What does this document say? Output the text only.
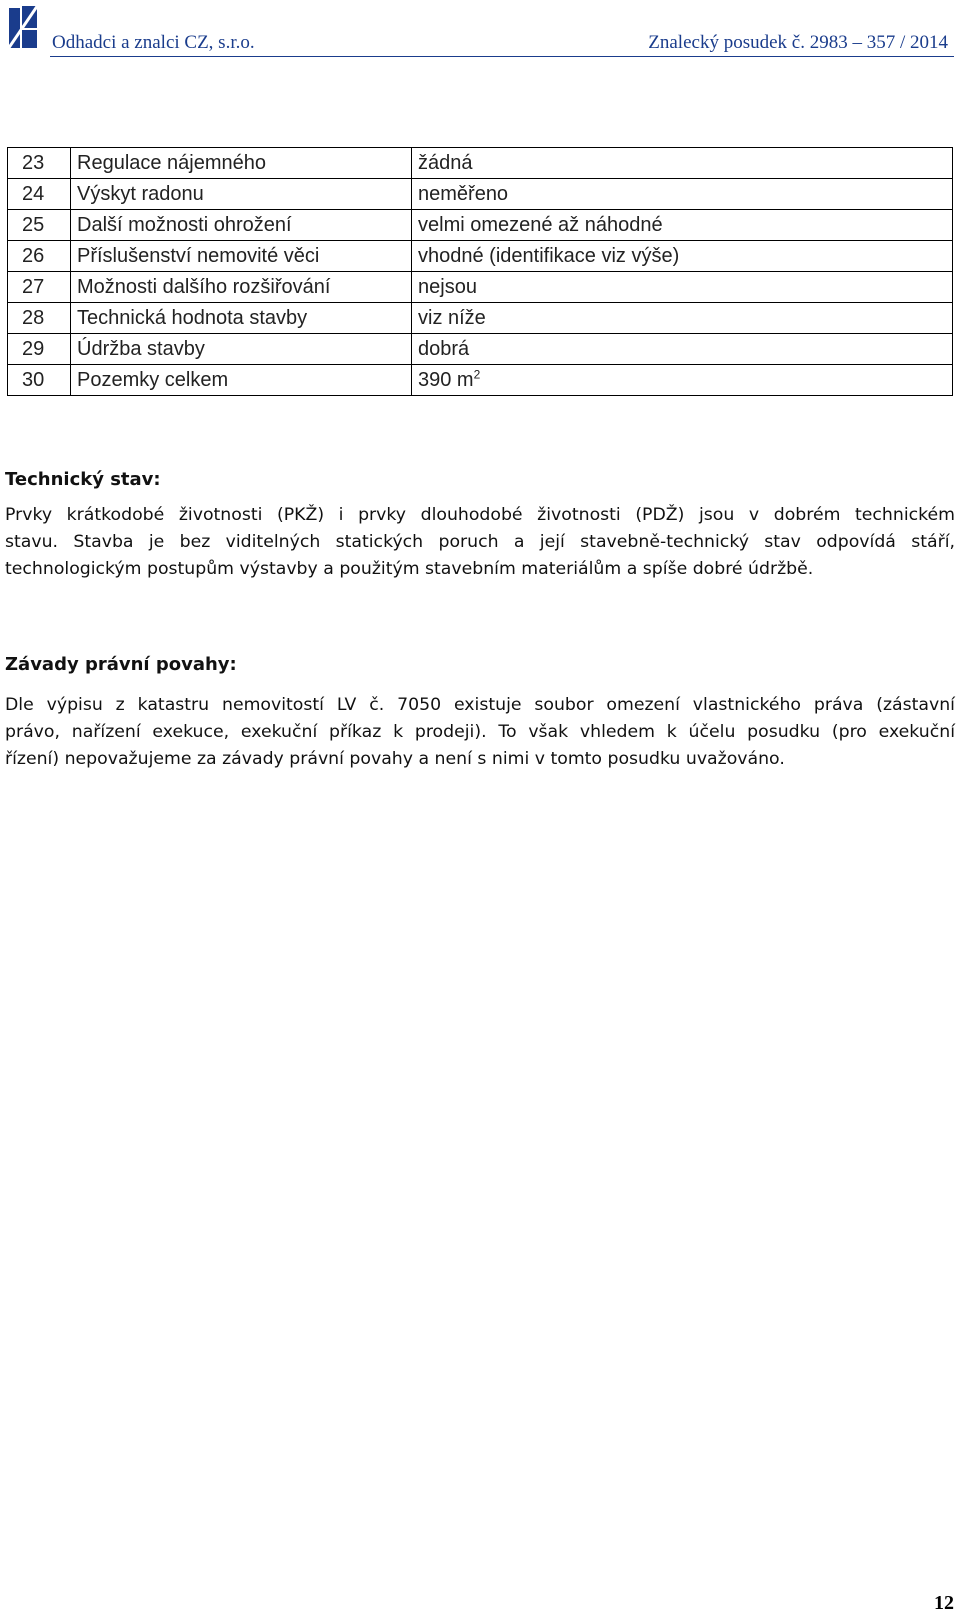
Odhadci a znalci CZ, s.r.o.	Znalecký posudek č. 2983 – 357 / 2014
23	Regulace nájemného	žádná
24	Výskyt radonu	neměřeno
25	Další možnosti ohrožení	velmi omezené až náhodné
26	Příslušenství nemovité věci	vhodné (identifikace viz výše)
27	Možnosti dalšího rozšiřování	nejsou
28	Technická hodnota stavby	viz níže
29	Údržba stavby	dobrá
30	Pozemky celkem	390 $m^2$

Technický stav:

Prvky krátkodobé životnosti (PKŽ) i prvky dlouhodobé životnosti (PDŽ) jsou v dobrém technickém
stavu. Stavba je bez viditelných statických poruch a její stavebně-technický stav odpovídá stáří,
technologickým postupům výstavby a použitým stavebním materiálům a spíše dobré údržbě.

Závady právní povahy:

Dle výpisu z katastru nemovitostí LV č. 7050 existuje soubor omezení vlastnického práva (zástavní
právo, nařízení exekuce, exekuční příkaz k prodeji). To však vhledem k účelu posudku (pro exekuční
řízení) nepovažujeme za závady právní povahy a není s nimi v tomto posudku uvažováno.

12
